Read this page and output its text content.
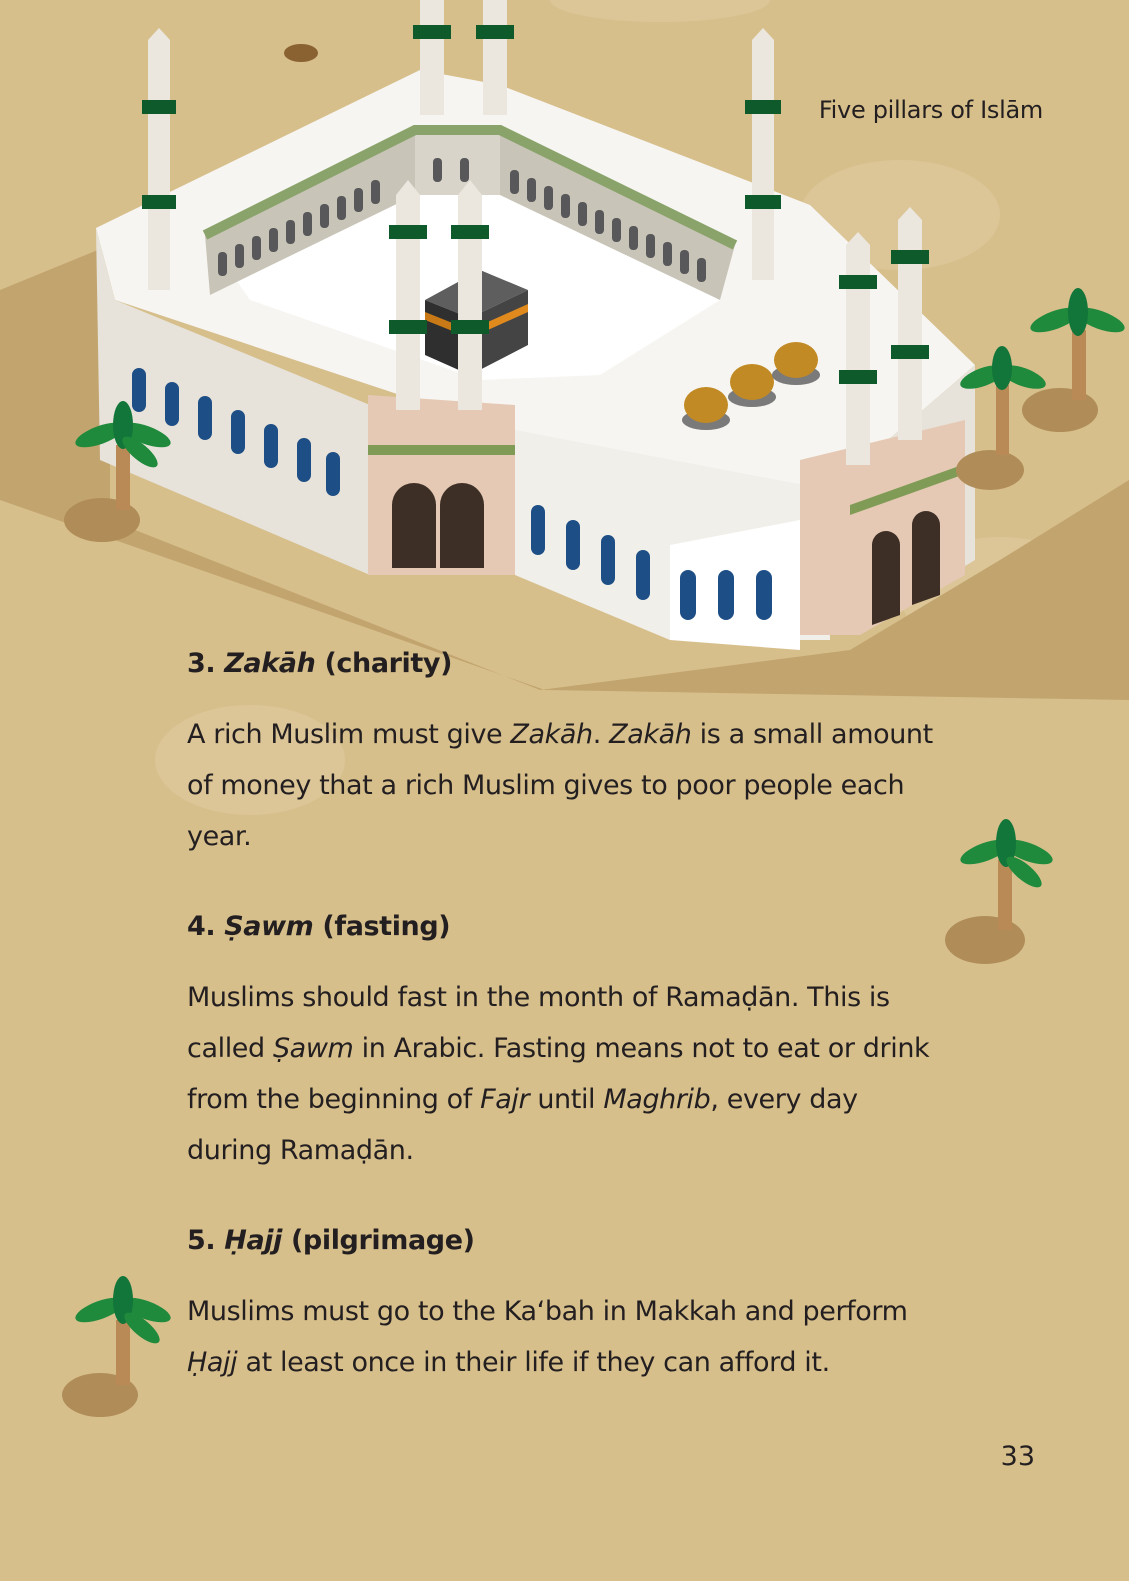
Five pillars of Islām
3. Zakāh (charity)

A rich Muslim must give Zakāh. Zakāh is a small amount of money that a rich Muslim gives to poor people each year.

4. Ṣawm (fasting)

Muslims should fast in the month of Ramaḍān. This is called Ṣawm in Arabic. Fasting means not to eat or drink from the beginning of Fajr until Maghrib, every day during Ramaḍān.

5. Ḥajj (pilgrimage)

Muslims must go to the Ka‘bah in Makkah and perform Ḥajj at least once in their life if they can afford it.

33
